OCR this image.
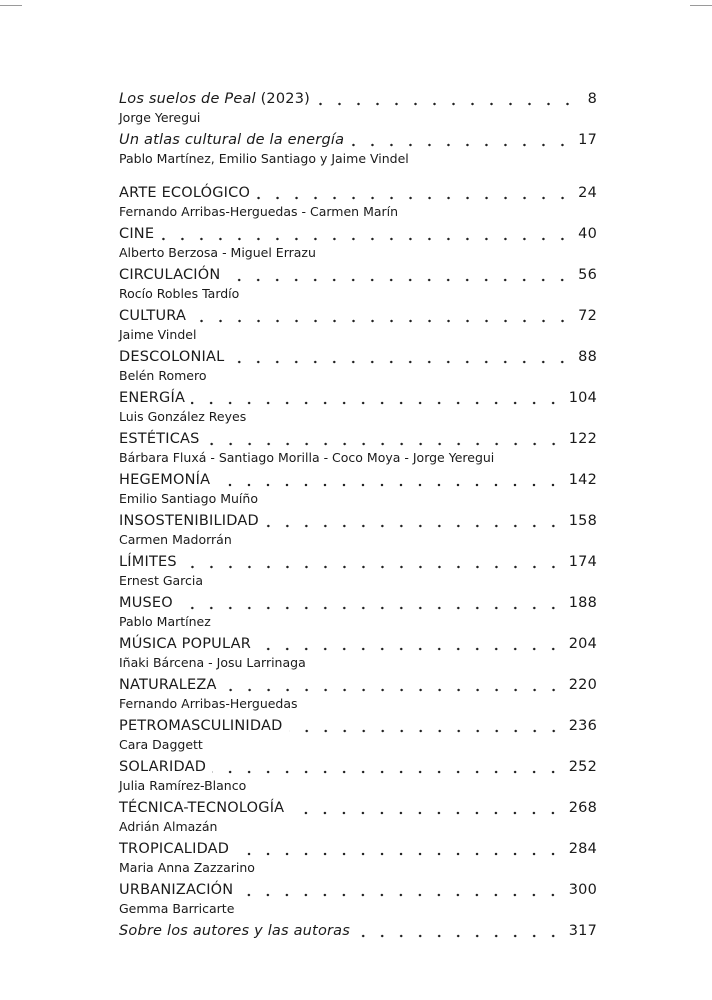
Los suelos de Peal (2023)	8
Jorge Yeregui
Un atlas cultural de la energía	17
Pablo Martínez, Emilio Santiago y Jaime Vindel
ARTE ECOLÓGICO	24
Fernando Arribas-Herguedas - Carmen Marín
CINE	40
Alberto Berzosa - Miguel Errazu
CIRCULACIÓN	56
Rocío Robles Tardío
CULTURA	72
Jaime Vindel
DESCOLONIAL	88
Belén Romero
ENERGÍA	104
Luis González Reyes
ESTÉTICAS	122
Bárbara Fluxá - Santiago Morilla - Coco Moya - Jorge Yeregui
HEGEMONÍA	142
Emilio Santiago Muíño
INSOSTENIBILIDAD	158
Carmen Madorrán
LÍMITES	174
Ernest Garcia
MUSEO	188
Pablo Martínez
MÚSICA POPULAR	204
Iñaki Bárcena - Josu Larrinaga
NATURALEZA	220
Fernando Arribas-Herguedas
PETROMASCULINIDAD	236
Cara Daggett
SOLARIDAD	252
Julia Ramírez-Blanco
TÉCNICA-TECNOLOGÍA	268
Adrián Almazán
TROPICALIDAD	284
Maria Anna Zazzarino
URBANIZACIÓN	300
Gemma Barricarte
Sobre los autores y las autoras	317
